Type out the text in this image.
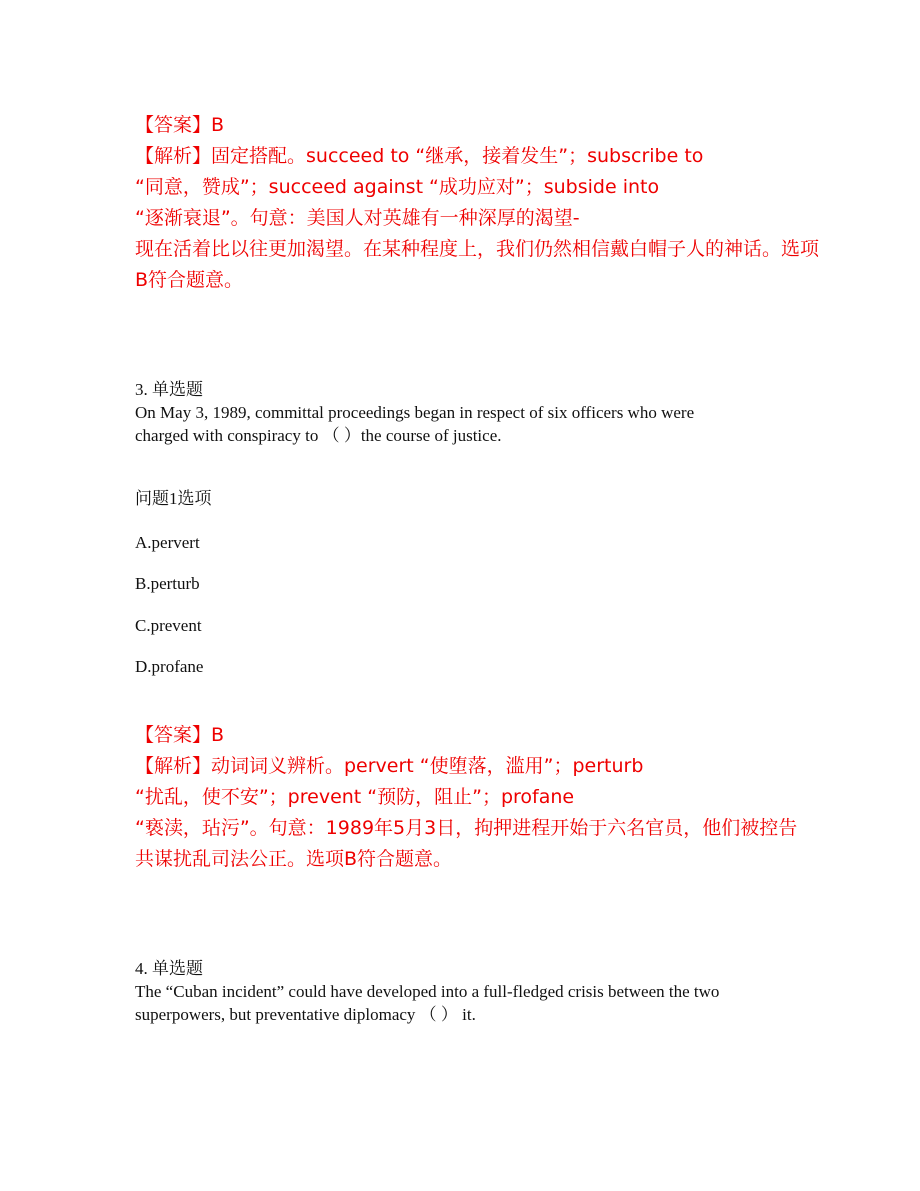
【答案】B
【解析】固定搭配。succeed to “继承，接着发生”；subscribe to
“同意，赞成”；succeed against “成功应对”；subside into
“逐渐衰退”。句意：美国人对英雄有一种深厚的渴望-
现在活着比以往更加渴望。在某种程度上，我们仍然相信戴白帽子人的神话。选项
B符合题意。
3. 单选题
On May 3, 1989, committal proceedings began in respect of six officers who were
charged with conspiracy to （ ）the course of justice.
问题1选项
A.pervert
B.perturb
C.prevent
D.profane
【答案】B
【解析】动词词义辨析。pervert “使堕落，滥用”；perturb
“扰乱，使不安”；prevent “预防，阻止”；profane
“亵渎，玷污”。句意：1989年5月3日，拘押进程开始于六名官员，他们被控告
共谋扰乱司法公正。选项B符合题意。
4. 单选题
The “Cuban incident” could have developed into a full-fledged crisis between the two
superpowers, but preventative diplomacy （ ） it.
